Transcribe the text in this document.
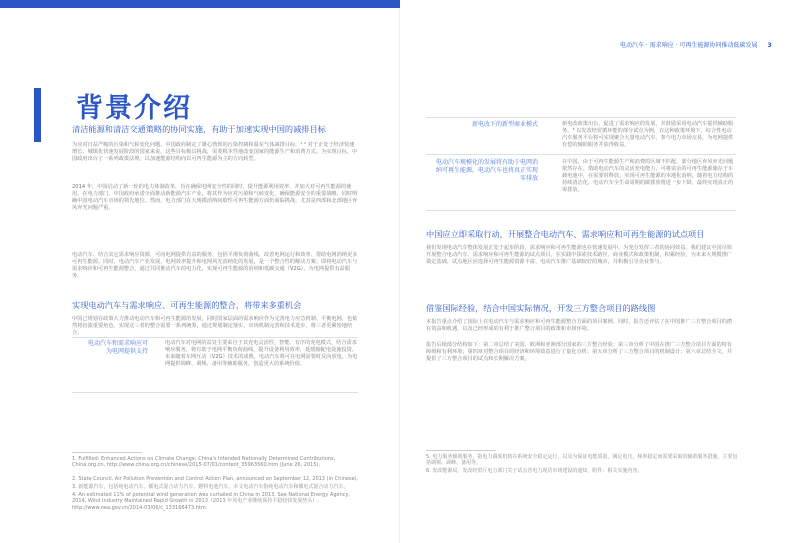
背景介绍
清洁能源和清洁交通策略的协同实施，有助于加速实现中国的减排目标

为应对日益严峻的污染和气候变化问题，中国政府制定了雄心勃勃的污染控制和温室气体减排目标。¹ ² 对于正处于经济快速增长、城镇化快速发展阶段的国家来说，这些目标极具挑战，需要根本性地改变国家的能源生产和消费方式。为实现目标，中国政府出台了一系列政策法规，以加速能源结构向以可再生能源为主的方向转型。

2014 年，中国启动了新一轮的电力体制改革，旨在确保电网安全性的同时，提升能源利用效率、并加大对可再生能源的使用。在电力部门，中国政府承诺全面推动新能源汽车产业，将其作为应对污染和气候变化、确保能源安全的重要战略，同时明确中国电动汽车市场的领先地位。然而，电力部门在大规模消纳间歇性可再生能源方面仍面临挑战，尤其是西部和北部地区弃风弃光问题严重。

电动汽车、结合其它需求响应资源，可向电网提供有益的服务，包括平滑负荷曲线、改善电网运行和效率、帮助电网消纳更多可再生能源。同时，电动汽车产业发展，电网效率提升和电网风光消纳化的发展，是一个整合性的解决方案；即将电动汽车与需求响应和可再生能源整合，通过共同推动汽车的电力化，实现可再生能源的消纳和低碳交通（V2G），为电网提供有益服务。

实现电动汽车与需求响应、可再生能源的整合，将带来多重机会

中国已规划在政策大力推动电动汽车和可再生能源的发展，同时国家层面的需求响应作为完善电力应急机制、平衡电网，也依然将扮演重要角色。实现这三者的整合需要一系列统筹，通过规划制定落实、市场机制完善和技术进步，将三者更紧密地结合。

电动汽车和需求响应可为电网提供支持
电动汽车对电网的益处主要来自于其充电灵活性，智能、有序的充电模式，结合需求响应服务，将有助于电网平衡负荷曲线，提升设备利用效率，延缓输配电设施投资。未来随着车网互动（V2G）技术的成熟，电动汽车将可在电网需要时反向放电，为电网提供调峰、调频、备用等辅助服务，创造更大的系统价值。
1. Fulfilled: Enhanced Actions on Climate Change: China's Intended Nationally Determined Contributions, China.org.cn, http://www.china.org.cn/chinese/2015-07/01/content_35963560.htm (June 26, 2015).
2. State Council, Air Pollution Prevention and Control Action Plan, announced on September 12, 2013 (in Chinese).
3. 新能源汽车，包括纯电动汽车、插电式混合动力汽车、燃料电池汽车。本文电动汽车指纯电动汽车和插电式混合动力汽车。
4. An estimated 11% of potential wind generation was curtailed in China in 2013. See National Energy Agency, 2014, Wind Industry Maintained Rapid Growth in 2013（2013 年风电产业继续保持平稳较快发展势头）, http://www.nea.gov.cn/2014-03/06/c_133166473.htm.
电动汽车 · 需求响应 · 可再生能源协同推动低碳发展 3
新电改下的新型商业模式	新电改政策出台，促进了需求响应的发展，并鼓励采用电动汽车提供辅助服务。³ 以发改经贸循环能的部分试点为例，在这种政策环境下，综合性电动汽车服务平台将可实现聚合大量电动汽车，参与电力市场交易，为电网提供有偿的辅助服务并获得收益。
电动汽车规模化的发展将有助于电网消纳可再生能源，电动汽车也将真正实现零排放
在中国，由于可再生能源生产和消费的区域不匹配，部分地区弃风弃光问题依然存在。借助电动汽车的灵活充电能力，可将富余的可再生能源储存于车载电池中，在需要时释放，实现可再生能源的本地化消纳。随着电力结构的持续清洁化，电动汽车全生命周期的碳排放将进一步下降，最终实现真正的零排放。
中国应立即采取行动，开展整合电动汽车、需求响应和可再生能源的试点项目

我们发现电动汽车整体发展正处于起步阶段，需求响应和可再生能源也在快速发展中。为充分发挥三者的协同效益，我们建议中国尽快开展整合电动汽车、需求响应和可再生能源的试点项目，在实践中探索技术路径、商业模式和政策机制，积累经验，为未来大规模推广奠定基础。试点地区应选择可再生能源资源丰富、电动汽车推广基础较好的城市，并积极引导企业参与。

借鉴国际经验，结合中国实际情况，开发三方整合项目的路线图

本报告重点介绍了国际上在电动汽车与需求响应和可再生能源整合方面的项目案例。同时，报告还评估了在中国推广三方整合项目的潜在效益和机遇，以及已经形成的有利于推广整合项目的政策和市场环境。

报告后续部分结构如下：第二章总结了美国、欧洲和亚洲部分国家的三方整合经验；第三章分析了中国在推广三方整合项目方面的特有障碍和有利环境；第四章对整合项目的经济和环境效益进行了量化分析；第五章分析了三方整合项目的机制设计；第六章总结全文，并提供了三方整合项目的试点和长期解决方案。

5. 电力服务辅助服务，指电力调度机构在系统安全稳定运行，以及为保证电能质量，满足电压、频率稳定而需要采取的辅助服务措施，主要包括调频、调峰、备用等。
6. 发改能源局，发改经贸厅电力部门关于试点省电力现货市场建设的通知，附件：相关实施内容。
